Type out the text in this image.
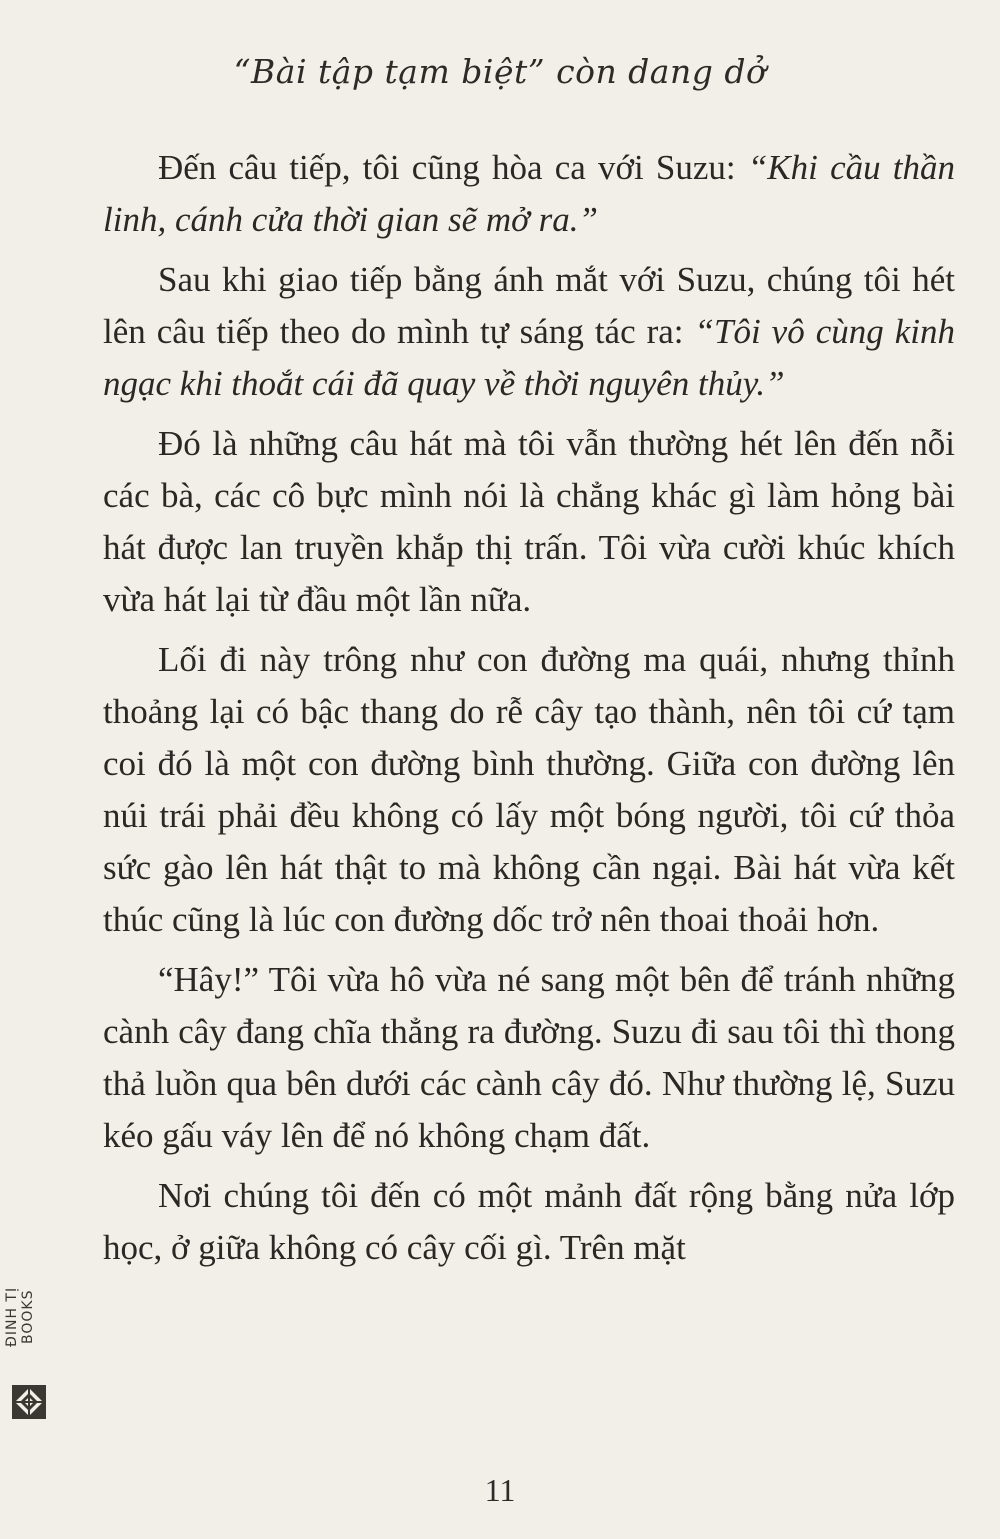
“Bài tập tạm biệt” còn dang dở

Đến câu tiếp, tôi cũng hòa ca với Suzu: “Khi cầu thần linh, cánh cửa thời gian sẽ mở ra.”

Sau khi giao tiếp bằng ánh mắt với Suzu, chúng tôi hét lên câu tiếp theo do mình tự sáng tác ra: “Tôi vô cùng kinh ngạc khi thoắt cái đã quay về thời nguyên thủy.”

Đó là những câu hát mà tôi vẫn thường hét lên đến nỗi các bà, các cô bực mình nói là chẳng khác gì làm hỏng bài hát được lan truyền khắp thị trấn. Tôi vừa cười khúc khích vừa hát lại từ đầu một lần nữa.

Lối đi này trông như con đường ma quái, nhưng thỉnh thoảng lại có bậc thang do rễ cây tạo thành, nên tôi cứ tạm coi đó là một con đường bình thường. Giữa con đường lên núi trái phải đều không có lấy một bóng người, tôi cứ thỏa sức gào lên hát thật to mà không cần ngại. Bài hát vừa kết thúc cũng là lúc con đường dốc trở nên thoai thoải hơn.

“Hây!” Tôi vừa hô vừa né sang một bên để tránh những cành cây đang chĩa thẳng ra đường. Suzu đi sau tôi thì thong thả luồn qua bên dưới các cành cây đó. Như thường lệ, Suzu kéo gấu váy lên để nó không chạm đất.

Nơi chúng tôi đến có một mảnh đất rộng bằng nửa lớp học, ở giữa không có cây cối gì. Trên mặt

11
ĐINH TỊ BOOKS
